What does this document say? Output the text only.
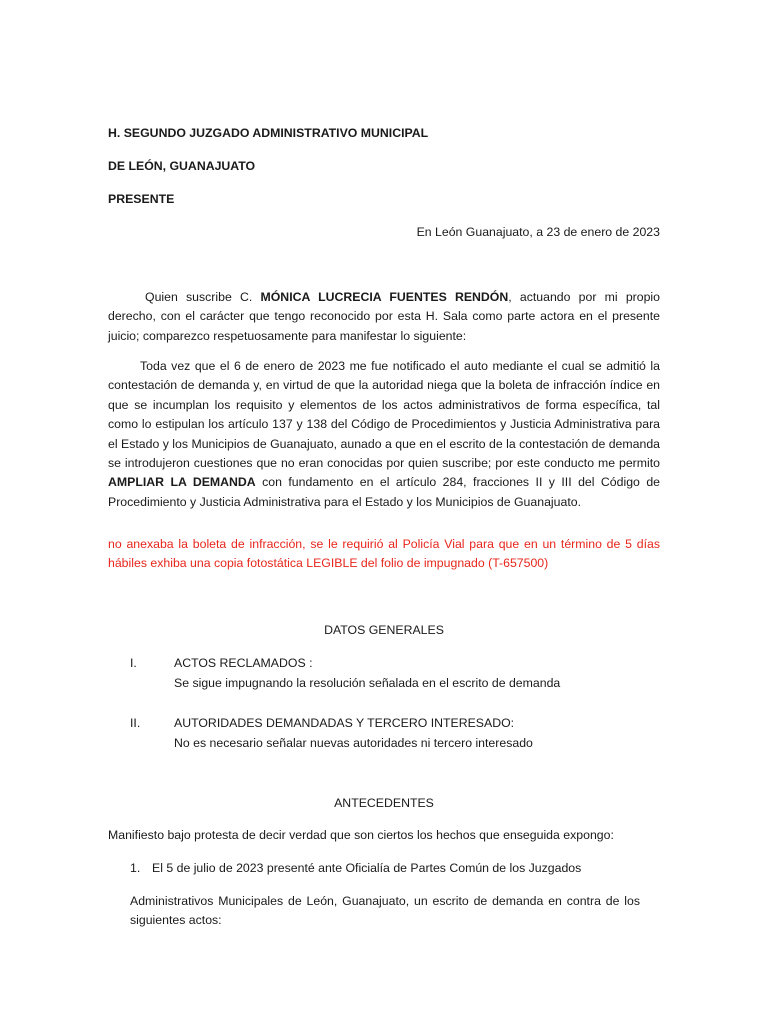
H. SEGUNDO JUZGADO ADMINISTRATIVO MUNICIPAL
DE LEÓN, GUANAJUATO
PRESENTE
En León Guanajuato, a 23 de enero de 2023
Quien suscribe C. MÓNICA LUCRECIA FUENTES RENDÓN, actuando por mi propio derecho, con el carácter que tengo reconocido por esta H. Sala como parte actora en el presente juicio; comparezco respetuosamente para manifestar lo siguiente:
Toda vez que el 6 de enero de 2023 me fue notificado el auto mediante el cual se admitió la contestación de demanda y, en virtud de que la autoridad niega que la boleta de infracción índice en que se incumplan los requisito y elementos de los actos administrativos de forma específica, tal como lo estipulan los artículo 137 y 138 del Código de Procedimientos y Justicia Administrativa para el Estado y los Municipios de Guanajuato, aunado a que en el escrito de la contestación de demanda se introdujeron cuestiones que no eran conocidas por quien suscribe; por este conducto me permito AMPLIAR LA DEMANDA con fundamento en el artículo 284, fracciones II y III del Código de Procedimiento y Justicia Administrativa para el Estado y los Municipios de Guanajuato.
no anexaba la boleta de infracción, se le requirió al Policía Vial para que en un término de 5 días hábiles exhiba una copia fotostática LEGIBLE del folio de impugnado (T-657500)
DATOS GENERALES
I.	ACTOS RECLAMADOS :
Se sigue impugnando la resolución señalada en el escrito de demanda
II.	AUTORIDADES DEMANDADAS Y TERCERO INTERESADO:
No es necesario señalar nuevas autoridades ni tercero interesado
ANTECEDENTES
Manifiesto bajo protesta de decir verdad que son ciertos los hechos que enseguida expongo:
1. El 5 de julio de 2023 presenté ante Oficialía de Partes Común de los Juzgados
Administrativos Municipales de León, Guanajuato, un escrito de demanda en contra de los siguientes actos:
